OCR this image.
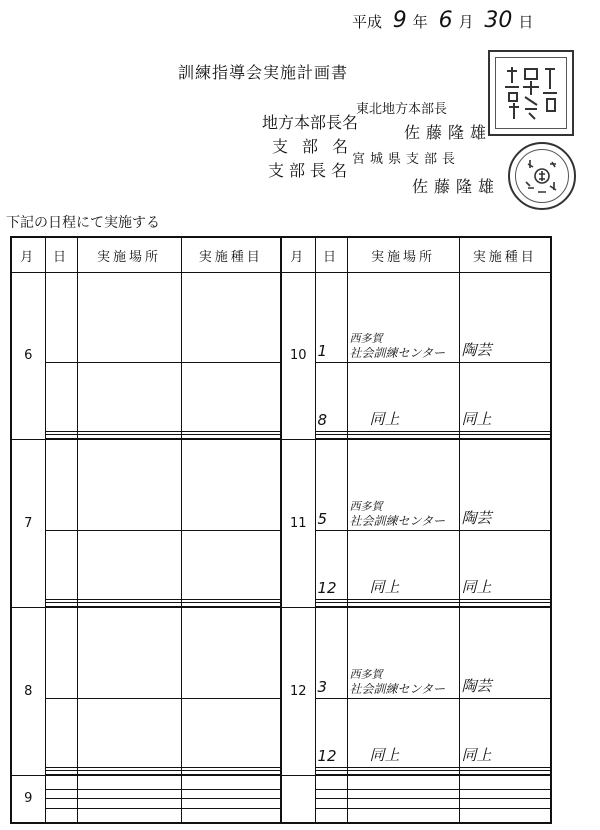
平成 9 年 6 月 30 日
訓練指導会実施計画書
東北地方本部長
地方本部長名
佐藤隆雄
支部名
宮城県支部長
支部長名
佐藤隆雄
下記の日程にて実施する
月	日	実施場所	実施種目	月	日	実施場所	実施種目
6				10	1	西多賀
社会訓練センター	陶芸
					8	同上	同上

7				11	5	西多賀
社会訓練センター	陶芸
					12	同上	同上

8				12	3	西多賀
社会訓練センター	陶芸
					12	同上	同上

9							
